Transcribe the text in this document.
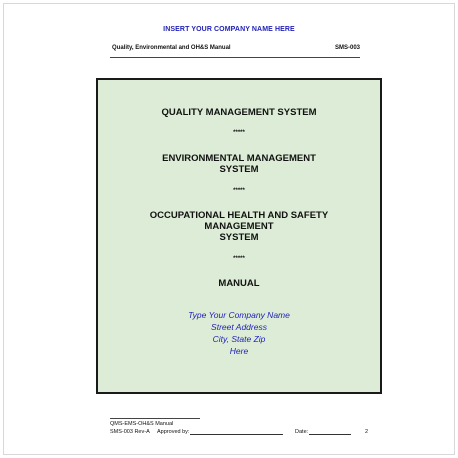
INSERT YOUR COMPANY NAME HERE
Quality, Environmental and OH&S Manual	SMS-003
QUALITY MANAGEMENT SYSTEM
*****
ENVIRONMENTAL MANAGEMENT
SYSTEM
*****
OCCUPATIONAL HEALTH AND SAFETY
MANAGEMENT
SYSTEM
*****
MANUAL
Type Your Company Name
Street Address
City, State Zip
Here
QMS-EMS-OH&S Manual
SMS-003 Rev-A Approved by:	Date:	2
